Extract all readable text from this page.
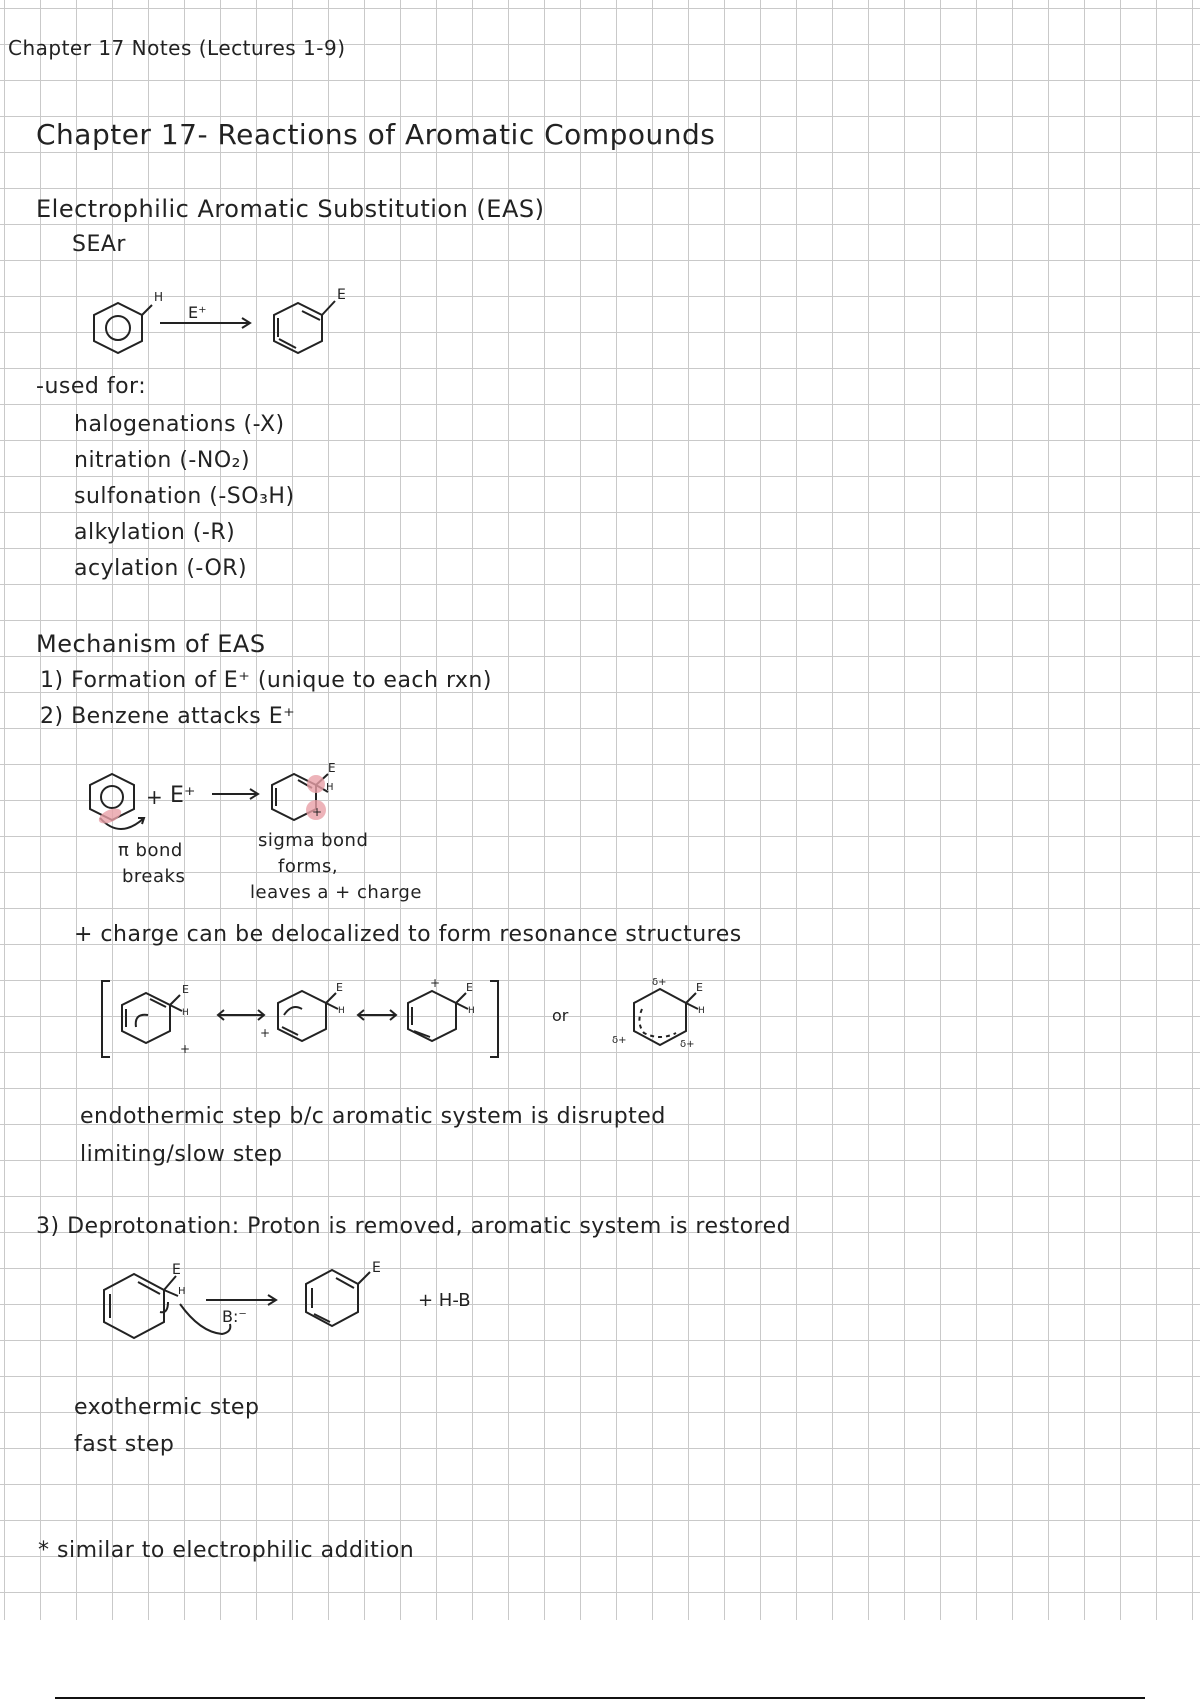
Chapter 17 Notes (Lectures 1-9)
Chapter 17- Reactions of Aromatic Compounds
Electrophilic Aromatic Substitution (EAS)
SEAr
H
E⁺
E
-used for:
halogenations (-X)
nitration (-NO₂)
sulfonation (-SO₃H)
alkylation (-R)
acylation (-OR)
Mechanism of EAS
1) Formation of E⁺ (unique to each rxn)
2) Benzene attacks E⁺
+ E⁺
E
H
+
π bond
breaks
sigma bond
forms,
leaves a + charge
+ charge can be delocalized to form resonance structures
E
H
+
E
H
+
E
H
+
or
E
H
δ+
δ+	δ+
endothermic step b/c aromatic system is disrupted
limiting/slow step
3) Deprotonation: Proton is removed, aromatic system is restored
E
H
B:⁻
E
+ H-B
exothermic step
fast step
* similar to electrophilic addition
